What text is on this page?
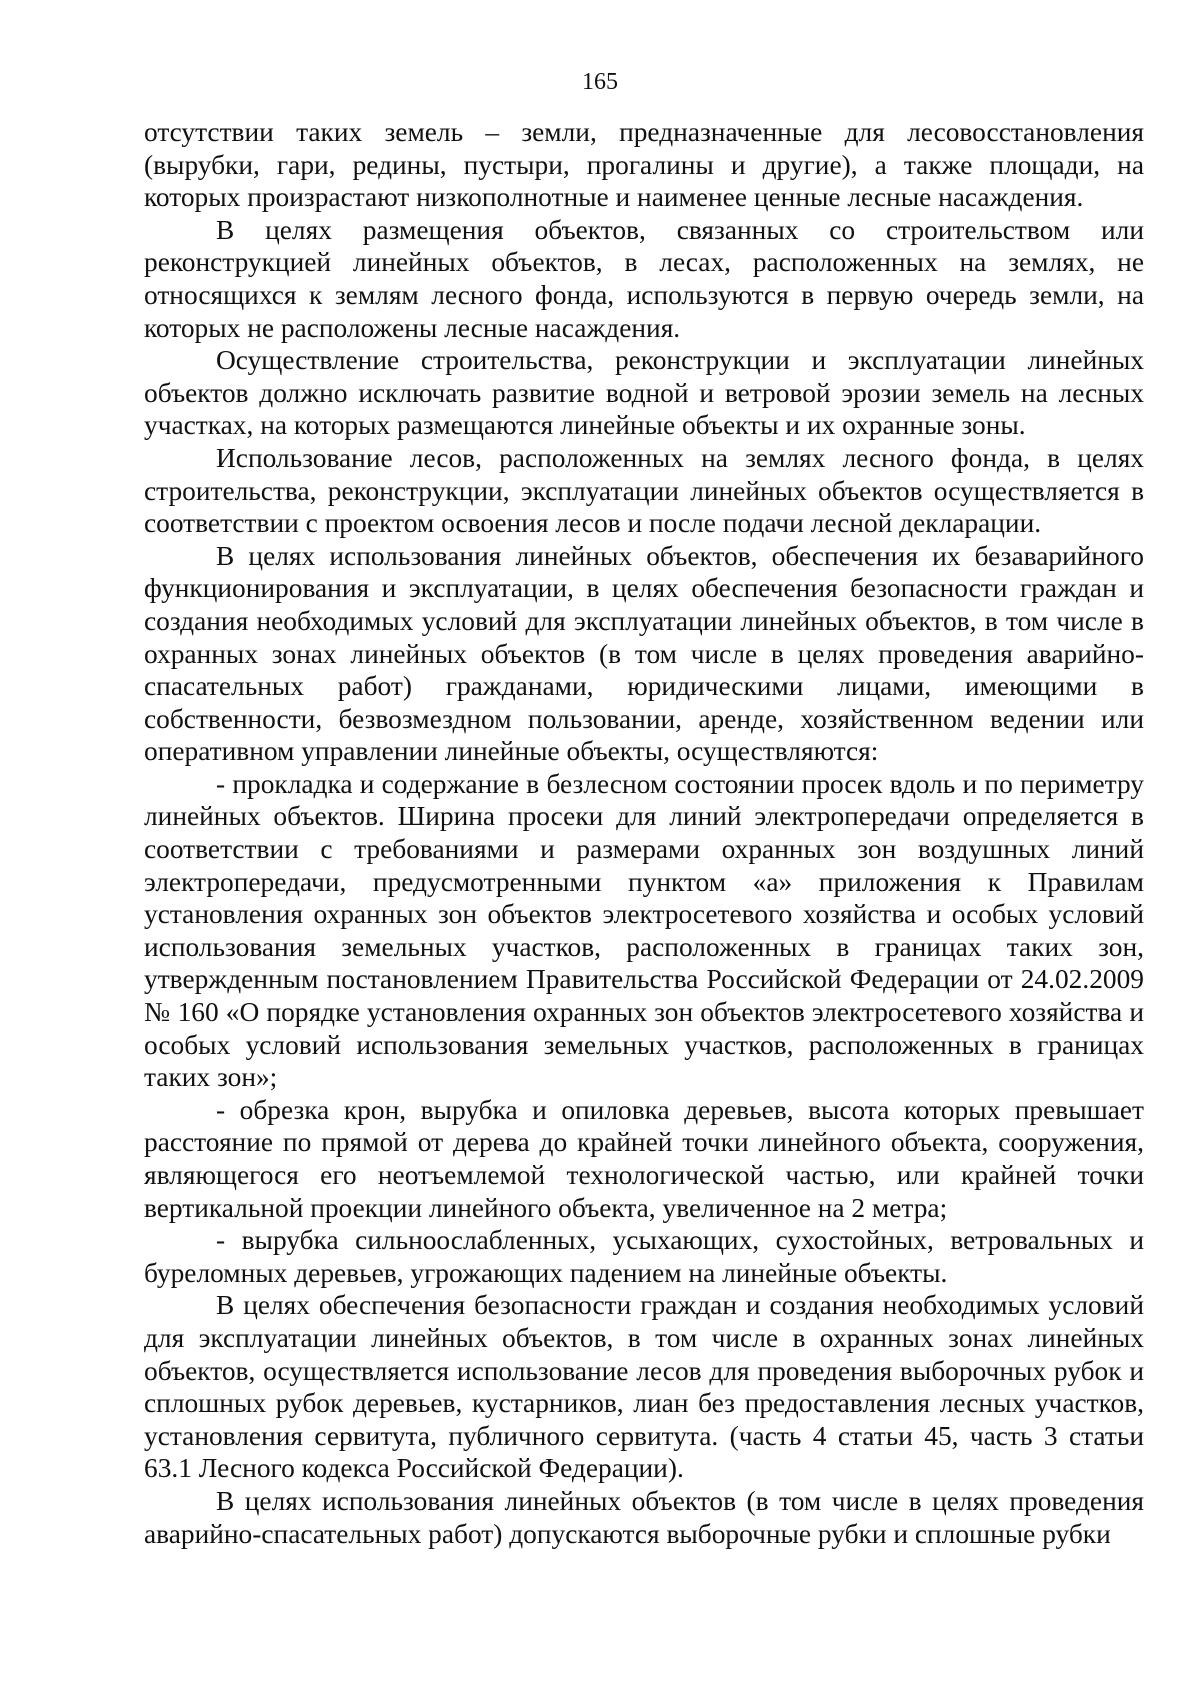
165

отсутствии таких земель – земли, предназначенные для лесовосстановления (вырубки, гари, редины, пустыри, прогалины и другие), а также площади, на которых произрастают низкополнотные и наименее ценные лесные насаждения.

В целях размещения объектов, связанных со строительством или реконструкцией линейных объектов, в лесах, расположенных на землях, не относящихся к землям лесного фонда, используются в первую очередь земли, на которых не расположены лесные насаждения.

Осуществление строительства, реконструкции и эксплуатации линейных объектов должно исключать развитие водной и ветровой эрозии земель на лесных участках, на которых размещаются линейные объекты и их охранные зоны.

Использование лесов, расположенных на землях лесного фонда, в целях строительства, реконструкции, эксплуатации линейных объектов осуществляется в соответствии с проектом освоения лесов и после подачи лесной декларации.

В целях использования линейных объектов, обеспечения их безаварийного функционирования и эксплуатации, в целях обеспечения безопасности граждан и создания необходимых условий для эксплуатации линейных объектов, в том числе в охранных зонах линейных объектов (в том числе в целях проведения аварийно-спасательных работ) гражданами, юридическими лицами, имеющими в собственности, безвозмездном пользовании, аренде, хозяйственном ведении или оперативном управлении линейные объекты, осуществляются:

- прокладка и содержание в безлесном состоянии просек вдоль и по периметру линейных объектов. Ширина просеки для линий электропередачи определяется в соответствии с требованиями и размерами охранных зон воздушных линий электропередачи, предусмотренными пунктом «а» приложения к Правилам установления охранных зон объектов электросетевого хозяйства и особых условий использования земельных участков, расположенных в границах таких зон, утвержденным постановлением Правительства Российской Федерации от 24.02.2009 № 160 «О порядке установления охранных зон объектов электросетевого хозяйства и особых условий использования земельных участков, расположенных в границах таких зон»;

- обрезка крон, вырубка и опиловка деревьев, высота которых превышает расстояние по прямой от дерева до крайней точки линейного объекта, сооружения, являющегося его неотъемлемой технологической частью, или крайней точки вертикальной проекции линейного объекта, увеличенное на 2 метра;

- вырубка сильноослабленных, усыхающих, сухостойных, ветровальных и буреломных деревьев, угрожающих падением на линейные объекты.

В целях обеспечения безопасности граждан и создания необходимых условий для эксплуатации линейных объектов, в том числе в охранных зонах линейных объектов, осуществляется использование лесов для проведения выборочных рубок и сплошных рубок деревьев, кустарников, лиан без предоставления лесных участков, установления сервитута, публичного сервитута. (часть 4 статьи 45, часть 3 статьи 63.1 Лесного кодекса Российской Федерации).

В целях использования линейных объектов (в том числе в целях проведения аварийно-спасательных работ) допускаются выборочные рубки и сплошные рубки
